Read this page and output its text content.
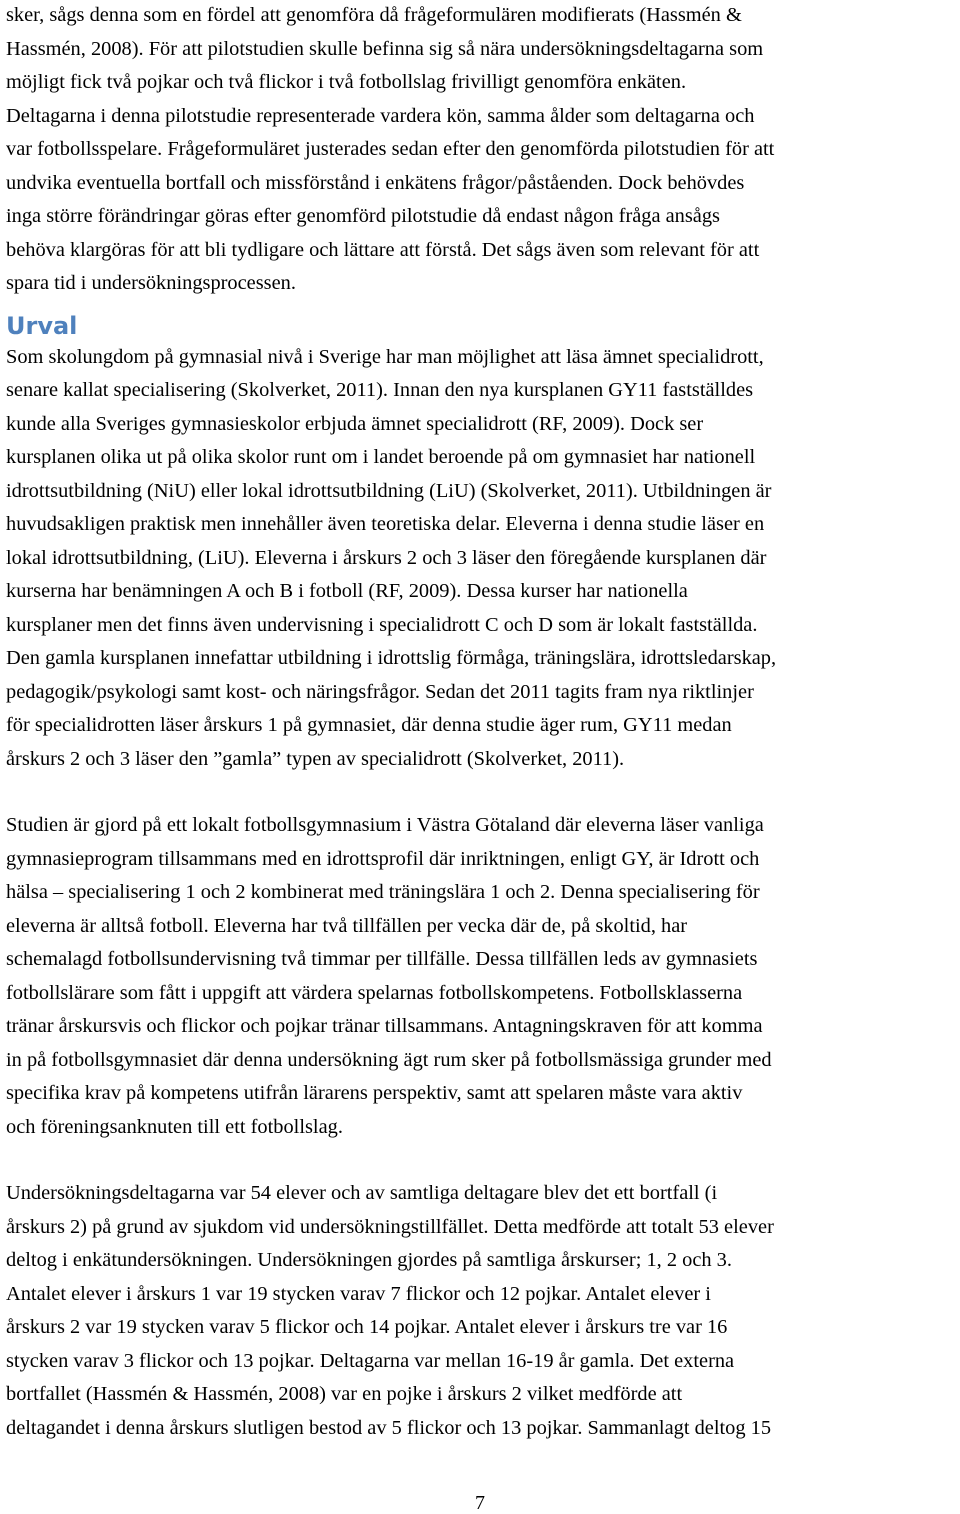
sker, sågs denna som en fördel att genomföra då frågeformulären modifierats (Hassmén &
Hassmén, 2008). För att pilotstudien skulle befinna sig så nära undersökningsdeltagarna som
möjligt fick två pojkar och två flickor i två fotbollslag frivilligt genomföra enkäten.
Deltagarna i denna pilotstudie representerade vardera kön, samma ålder som deltagarna och
var fotbollsspelare. Frågeformuläret justerades sedan efter den genomförda pilotstudien för att
undvika eventuella bortfall och missförstånd i enkätens frågor/påståenden. Dock behövdes
inga större förändringar göras efter genomförd pilotstudie då endast någon fråga ansågs
behöva klargöras för att bli tydligare och lättare att förstå. Det sågs även som relevant för att
spara tid i undersökningsprocessen.
Urval
Som skolungdom på gymnasial nivå i Sverige har man möjlighet att läsa ämnet specialidrott,
senare kallat specialisering (Skolverket, 2011). Innan den nya kursplanen GY11 fastställdes
kunde alla Sveriges gymnasieskolor erbjuda ämnet specialidrott (RF, 2009). Dock ser
kursplanen olika ut på olika skolor runt om i landet beroende på om gymnasiet har nationell
idrottsutbildning (NiU) eller lokal idrottsutbildning (LiU) (Skolverket, 2011). Utbildningen är
huvudsakligen praktisk men innehåller även teoretiska delar. Eleverna i denna studie läser en
lokal idrottsutbildning, (LiU). Eleverna i årskurs 2 och 3 läser den föregående kursplanen där
kurserna har benämningen A och B i fotboll (RF, 2009). Dessa kurser har nationella
kursplaner men det finns även undervisning i specialidrott C och D som är lokalt fastställda.
Den gamla kursplanen innefattar utbildning i idrottslig förmåga, träningslära, idrottsledarskap,
pedagogik/psykologi samt kost- och näringsfrågor. Sedan det 2011 tagits fram nya riktlinjer
för specialidrotten läser årskurs 1 på gymnasiet, där denna studie äger rum, GY11 medan
årskurs 2 och 3 läser den ”gamla” typen av specialidrott (Skolverket, 2011).
Studien är gjord på ett lokalt fotbollsgymnasium i Västra Götaland där eleverna läser vanliga
gymnasieprogram tillsammans med en idrottsprofil där inriktningen, enligt GY, är Idrott och
hälsa – specialisering 1 och 2 kombinerat med träningslära 1 och 2. Denna specialisering för
eleverna är alltså fotboll. Eleverna har två tillfällen per vecka där de, på skoltid, har
schemalagd fotbollsundervisning två timmar per tillfälle. Dessa tillfällen leds av gymnasiets
fotbollslärare som fått i uppgift att värdera spelarnas fotbollskompetens. Fotbollsklasserna
tränar årskursvis och flickor och pojkar tränar tillsammans. Antagningskraven för att komma
in på fotbollsgymnasiet där denna undersökning ägt rum sker på fotbollsmässiga grunder med
specifika krav på kompetens utifrån lärarens perspektiv, samt att spelaren måste vara aktiv
och föreningsanknuten till ett fotbollslag.
Undersökningsdeltagarna var 54 elever och av samtliga deltagare blev det ett bortfall (i
årskurs 2) på grund av sjukdom vid undersökningstillfället. Detta medförde att totalt 53 elever
deltog i enkätundersökningen. Undersökningen gjordes på samtliga årskurser; 1, 2 och 3.
Antalet elever i årskurs 1 var 19 stycken varav 7 flickor och 12 pojkar. Antalet elever i
årskurs 2 var 19 stycken varav 5 flickor och 14 pojkar. Antalet elever i årskurs tre var 16
stycken varav 3 flickor och 13 pojkar. Deltagarna var mellan 16-19 år gamla. Det externa
bortfallet (Hassmén & Hassmén, 2008) var en pojke i årskurs 2 vilket medförde att
deltagandet i denna årskurs slutligen bestod av 5 flickor och 13 pojkar. Sammanlagt deltog 15
7
